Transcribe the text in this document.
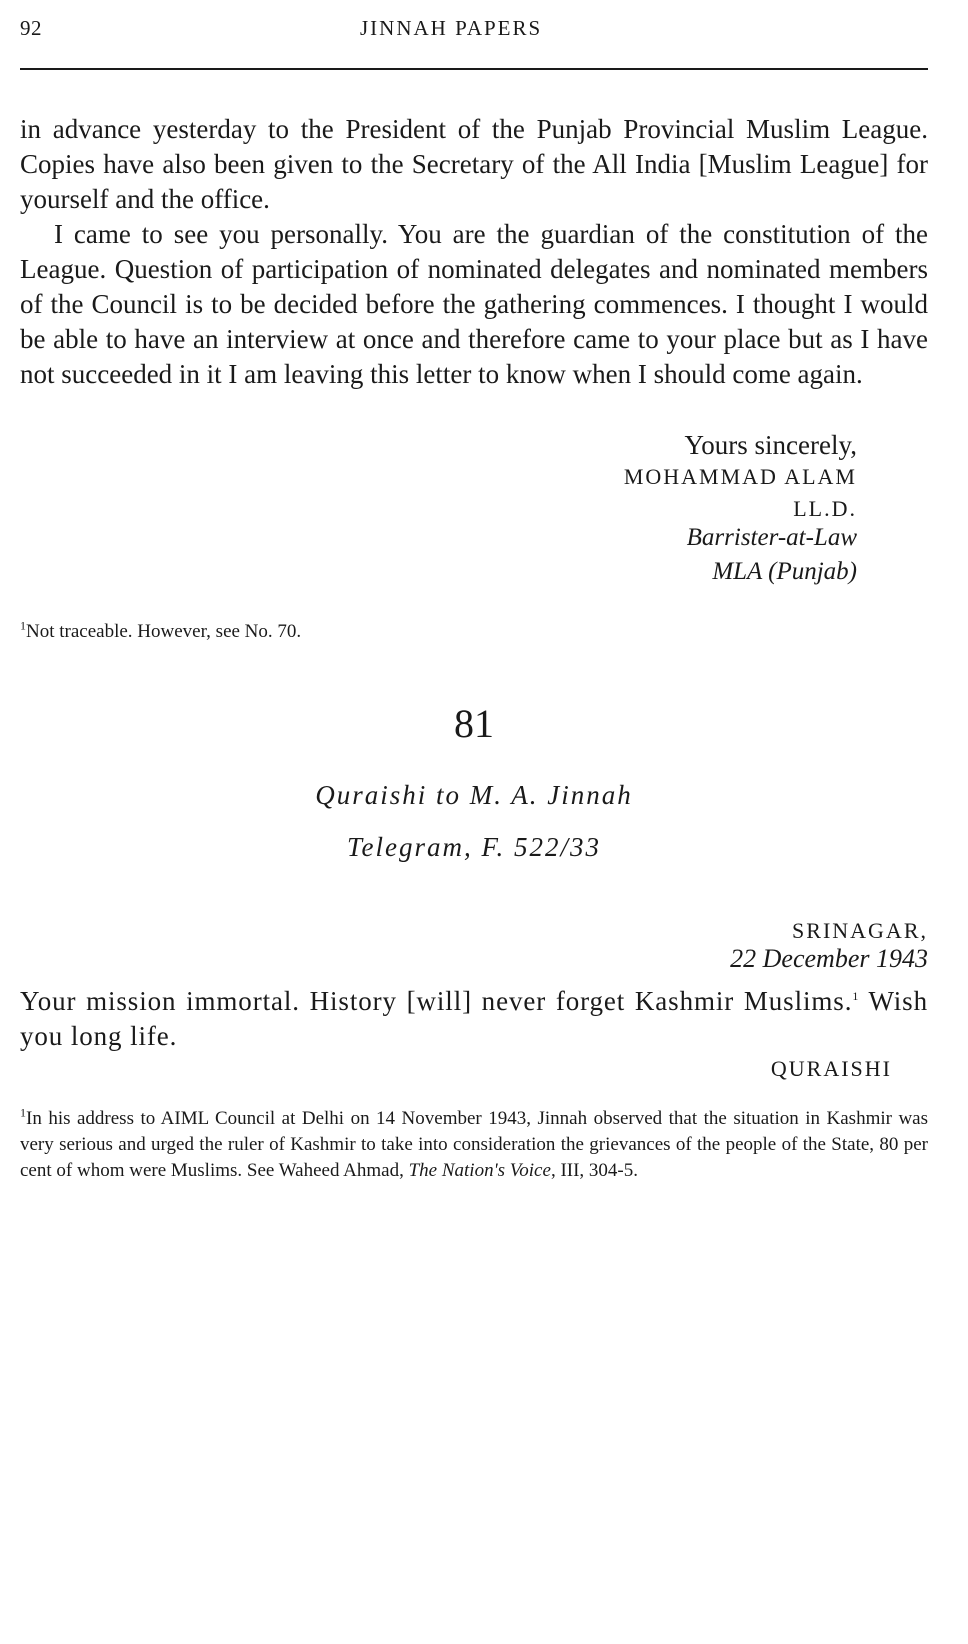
92	JINNAH PAPERS

in advance yesterday to the President of the Punjab Provincial Muslim League. Copies have also been given to the Secretary of the All India [Muslim League] for yourself and the office.

I came to see you personally. You are the guardian of the constitution of the League. Question of participation of nominated delegates and nominated members of the Council is to be decided before the gathering commences. I thought I would be able to have an interview at once and therefore came to your place but as I have not succeeded in it I am leaving this letter to know when I should come again.

Yours sincerely,
MOHAMMAD ALAM
LL.D.
Barrister-at-Law
MLA (Punjab)
$^1$Not traceable. However, see No. 70.
81
Quraishi to M. A. Jinnah
Telegram, F. 522/33
SRINAGAR,
22 December 1943

Your mission immortal. History [will] never forget Kashmir Muslims.$^1$ Wish you long life.

QURAISHI
$^1$In his address to AIML Council at Delhi on 14 November 1943, Jinnah observed that the situation in Kashmir was very serious and urged the ruler of Kashmir to take into consideration the grievances of the people of the State, 80 per cent of whom were Muslims. See Waheed Ahmad, The Nation's Voice, III, 304-5.
